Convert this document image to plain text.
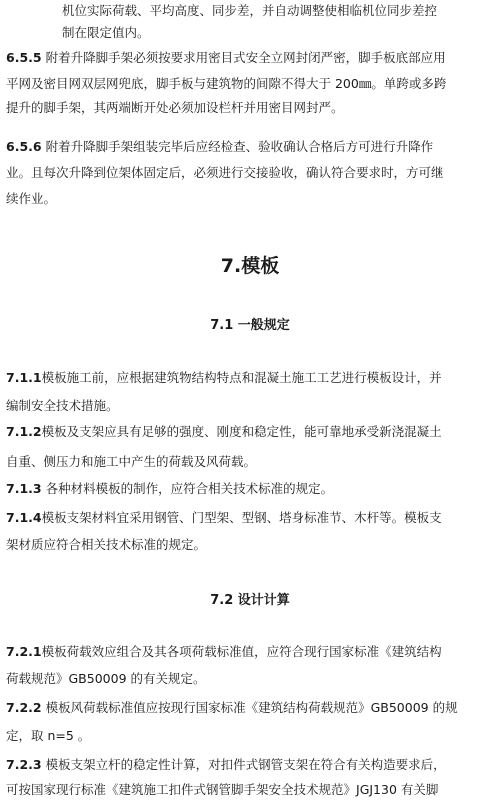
机位实际荷载、平均高度、同步差，并自动调整使相临机位同步差控
制在限定值内。
6.5.5 附着升降脚手架必须按要求用密目式安全立网封闭严密，脚手板底部应用
平网及密目网双层网兜底，脚手板与建筑物的间隙不得大于 200㎜。单跨或多跨
提升的脚手架，其两端断开处必须加设栏杆并用密目网封严。
6.5.6 附着升降脚手架组装完毕后应经检查、验收确认合格后方可进行升降作
业。且每次升降到位架体固定后，必须进行交接验收，确认符合要求时，方可继
续作业。
7.模板
7.1 一般规定
7.1.1模板施工前，应根据建筑物结构特点和混凝土施工工艺进行模板设计，并
编制安全技术措施。
7.1.2模板及支架应具有足够的强度、刚度和稳定性，能可靠地承受新浇混凝土
自重、侧压力和施工中产生的荷载及风荷载。
7.1.3 各种材料模板的制作，应符合相关技术标准的规定。
7.1.4模板支架材料宜采用钢管、门型架、型钢、塔身标准节、木杆等。模板支
架材质应符合相关技术标准的规定。
7.2 设计计算
7.2.1模板荷载效应组合及其各项荷载标准值，应符合现行国家标准《建筑结构
荷载规范》GB50009 的有关规定。
7.2.2 模板风荷载标准值应按现行国家标准《建筑结构荷载规范》GB50009 的规
定，取 n=5 。
7.2.3 模板支架立杆的稳定性计算，对扣件式钢管支架在符合有关构造要求后，
可按国家现行标准《建筑施工扣件式钢管脚手架安全技术规范》JGJ130 有关脚
